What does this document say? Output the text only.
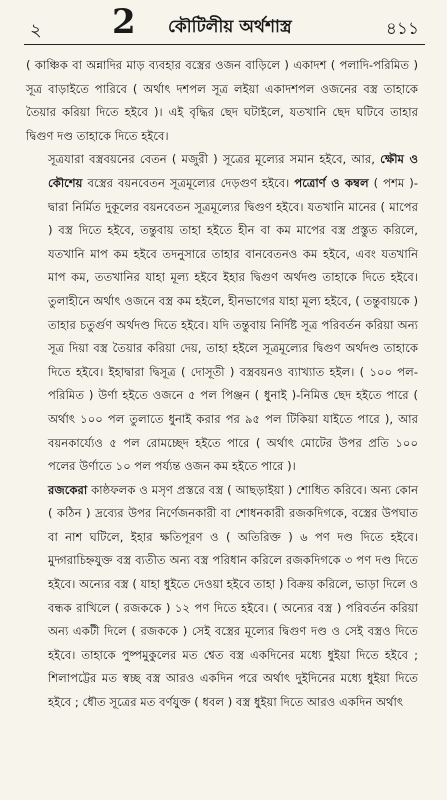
২ 2 কৌটিলীয় অর্থশাস্ত্র	৪১১

( কাঞ্চিক বা অন্নাদির মাড় ব্যবহার বস্ত্রের ওজন বাড়িলে ) একাদশ ( পলাদি-পরিমিত ) সূত্র বাড়াইতে পারিবে ( অর্থাৎ দশপল সূত্র লইয়া একাদশপল ওজনের বস্ত্র তাহাকে তৈয়ার করিয়া দিতে হইবে )। এই বৃদ্ধির ছেদ ঘটাইলে, যতখানি ছেদ ঘটিবে তাহার দ্বিগুণ দণ্ড তাহাকে দিতে হইবে।

সূত্রযারা বস্ত্রবয়নের বেতন ( মজুরী ) সূত্রের মূল্যের সমান হইবে, আর, ক্ষৌম ও কৌশেয় বস্ত্রের বয়নবেতন সূত্রমূল্যের দেড়গুণ হইবে। পত্রোর্ণ ও কম্বল ( পশম )-দ্বারা নির্মিত দুকূলের বয়নবেতন সূত্রমূল্যের দ্বিগুণ হইবে। যতখানি মানের ( মাপের ) বস্ত্র দিতে হইবে, তন্তুবায় তাহা হইতে হীন বা কম মাপের বস্ত্র প্রস্তুত করিলে, যতখানি মাপ কম হইবে তদনুসারে তাহার বানবেতনও কম হইবে, এবং যতখানি মাপ কম, ততখানির যাহা মূল্য হইবে ইহার দ্বিগুণ অর্থদণ্ড তাহাকে দিতে হইবে। তুলাহীনে অর্থাৎ ওজনে বস্ত্র কম হইলে, হীনভাগের যাহা মূল্য হইবে, ( তন্তুবায়কে ) তাহার চতুর্গুণ অর্থদণ্ড দিতে হইবে। যদি তন্তুবায় নির্দিষ্ট সূত্র পরিবর্তন করিয়া অন্য সূত্র দিয়া বস্ত্র তৈয়ার করিয়া দেয়, তাহা হইলে সূত্রমূল্যের দ্বিগুণ অর্থদণ্ড তাহাকে দিতে হইবে। ইহাদ্বারা দ্বিসূত্র ( দোসূতী ) বস্ত্রবয়নও ব্যাখ্যাত হইল। ( ১০০ পল-পরিমিত ) উর্ণা হইতে ওজনে ৫ পল পিঞ্জন ( ধুনাই )-নিমিত্ত ছেদ হইতে পারে ( অর্থাৎ ১০০ পল তুলাতে ধুনাই করার পর ৯৫ পল টিকিয়া যাইতে পারে ), আর বয়নকার্য্যেও ৫ পল রোমচ্ছেদ হইতে পারে ( অর্থাৎ মোটের উপর প্রতি ১০০ পলের উর্ণাতে ১০ পল পর্য্যন্ত ওজন কম হইতে পারে )।

রজকেরা কাষ্ঠফলক ও মসৃণ প্রস্তরে বস্ত্র ( আছড়াইয়া ) শোধিত করিবে। অন্য কোন ( কঠিন ) দ্রব্যের উপর নির্ণেজনকারী বা শোধনকারী রজকদিগকে, বস্ত্রের উপঘাত বা নাশ ঘটিলে, ইহার ক্ষতিপূরণ ও ( অতিরিক্ত ) ৬ পণ দণ্ড দিতে হইবে। মুদ্গরাচিহ্নযুক্ত বস্ত্র ব্যতীত অন্য বস্ত্র পরিধান করিলে রজকদিগকে ৩ পণ দণ্ড দিতে হইবে। অন্যের বস্ত্র ( যাহা ধুইতে দেওয়া হইবে তাহা ) বিক্রয় করিলে, ভাড়া দিলে ও বন্ধক রাখিলে ( রজককে ) ১২ পণ দিতে হইবে। ( অন্যের বস্ত্র ) পরিবর্তন করিয়া অন্য একটী দিলে ( রজককে ) সেই বস্ত্রের মূল্যের দ্বিগুণ দণ্ড ও সেই বস্ত্রও দিতে হইবে। তাহাকে পুষ্পমুকুলের মত শ্বেত বস্ত্র একদিনের মধ্যে ধুইয়া দিতে হইবে ; শিলাপট্টের মত স্বচ্ছ বস্ত্র আরও একদিন পরে অর্থাৎ দুইদিনের মধ্যে ধুইয়া দিতে হইবে ; ধৌত সূত্রের মত বর্ণযুক্ত ( ধবল ) বস্ত্র ধুইয়া দিতে আরও একদিন অর্থাৎ
